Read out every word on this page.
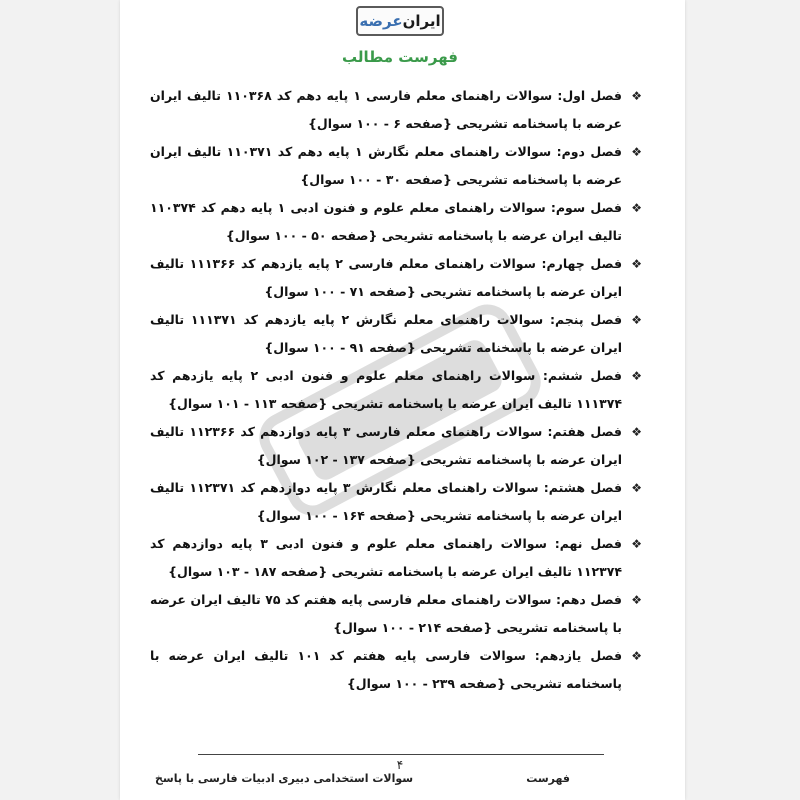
ایران
عرضه
فهرست مطالب
❖
فصل اول: سوالات راهنمای معلم فارسی ۱ پایه دهم کد ۱۱۰۳۶۸ تالیف ایران عرضه با پاسخنامه تشریحی {صفحه ۶ - ۱۰۰ سوال}
❖
فصل دوم: سوالات راهنمای معلم نگارش ۱ پایه دهم کد ۱۱۰۳۷۱ تالیف ایران عرضه با پاسخنامه تشریحی {صفحه ۳۰ - ۱۰۰ سوال}
❖
فصل سوم: سوالات راهنمای معلم علوم و فنون ادبی ۱ پایه دهم کد ۱۱۰۳۷۴ تالیف ایران عرضه با پاسخنامه تشریحی {صفحه ۵۰ - ۱۰۰ سوال}
❖
فصل چهارم: سوالات راهنمای معلم فارسی ۲ پایه یازدهم کد ۱۱۱۳۶۶ تالیف ایران عرضه با پاسخنامه تشریحی {صفحه ۷۱ - ۱۰۰ سوال}
❖
فصل پنجم: سوالات راهنمای معلم نگارش ۲ پایه یازدهم کد ۱۱۱۳۷۱ تالیف ایران عرضه با پاسخنامه تشریحی {صفحه ۹۱ - ۱۰۰ سوال}
❖
فصل ششم: سوالات راهنمای معلم علوم و فنون ادبی ۲ پایه یازدهم کد ۱۱۱۳۷۴ تالیف ایران عرضه با پاسخنامه تشریحی {صفحه ۱۱۳ - ۱۰۱ سوال}
❖
فصل هفتم: سوالات راهنمای معلم فارسی ۳ پایه دوازدهم کد ۱۱۲۳۶۶ تالیف ایران عرضه با پاسخنامه تشریحی {صفحه ۱۳۷ - ۱۰۲ سوال}
❖
فصل هشتم: سوالات راهنمای معلم نگارش ۳ پایه دوازدهم کد ۱۱۲۳۷۱ تالیف ایران عرضه با پاسخنامه تشریحی {صفحه ۱۶۴ - ۱۰۰ سوال}
❖
فصل نهم: سوالات راهنمای معلم علوم و فنون ادبی ۳ پایه دوازدهم کد ۱۱۲۳۷۴ تالیف ایران عرضه با پاسخنامه تشریحی {صفحه ۱۸۷ - ۱۰۳ سوال}
❖
فصل دهم: سوالات راهنمای معلم فارسی پایه هفتم کد ۷۵ تالیف ایران عرضه با پاسخنامه تشریحی {صفحه ۲۱۴ - ۱۰۰ سوال}
❖
فصل یازدهم: سوالات فارسی پایه هفتم کد ۱۰۱ تالیف ایران عرضه با پاسخنامه تشریحی {صفحه ۲۳۹ - ۱۰۰ سوال}
۴
فهرست
سوالات استخدامی دبیری ادبیات فارسی با پاسخ
